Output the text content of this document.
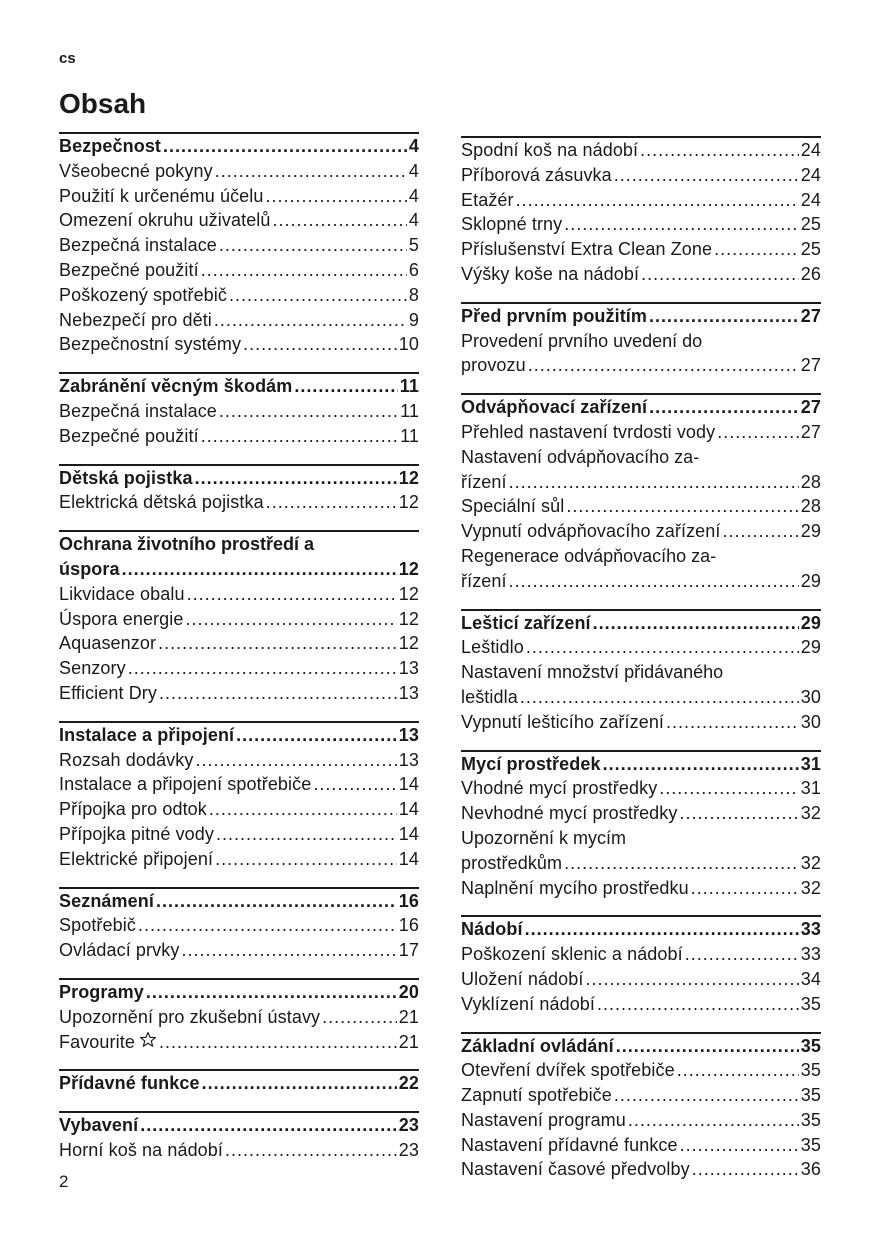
cs
Obsah
Bezpečnost .....	4
Všeobecné pokyny .....	4
Použití k určenému účelu .....	4
Omezení okruhu uživatelů .....	4
Bezpečná instalace .....	5
Bezpečné použití .....	6
Poškozený spotřebič .....	8
Nebezpečí pro děti .....	9
Bezpečnostní systémy .....	10
Zabránění věcným škodám .....	11
Bezpečná instalace .....	11
Bezpečné použití .....	11
Dětská pojistka .....	12
Elektrická dětská pojistka .....	12
Ochrana životního prostředí a
úspora .....	12
Likvidace obalu .....	12
Úspora energie .....	12
Aquasenzor .....	12
Senzory .....	13
Efficient Dry .....	13
Instalace a připojení .....	13
Rozsah dodávky .....	13
Instalace a připojení spotřebiče .....	14
Přípojka pro odtok .....	14
Přípojka pitné vody .....	14
Elektrické připojení .....	14
Seznámení .....	16
Spotřebič .....	16
Ovládací prvky .....	17
Programy .....	20
Upozornění pro zkušební ústavy .....	21
Favourite .....	21
Přídavné funkce .....	22
Vybavení .....	23
Horní koš na nádobí .....	23
Spodní koš na nádobí .....	24
Příborová zásuvka .....	24
Etažér .....	24
Sklopné trny .....	25
Příslušenství Extra Clean Zone .....	25
Výšky koše na nádobí .....	26
Před prvním použitím .....	27
Provedení prvního uvedení do
provozu .....	27
Odvápňovací zařízení .....	27
Přehled nastavení tvrdosti vody .....	27
Nastavení odvápňovacího za-
řízení .....	28
Speciální sůl .....	28
Vypnutí odvápňovacího zařízení .....	29
Regenerace odvápňovacího za-
řízení .....	29
Lešticí zařízení .....	29
Leštidlo .....	29
Nastavení množství přidávaného
leštidla .....	30
Vypnutí lešticího zařízení .....	30
Mycí prostředek .....	31
Vhodné mycí prostředky .....	31
Nevhodné mycí prostředky .....	32
Upozornění k mycím
prostředkům .....	32
Naplnění mycího prostředku .....	32
Nádobí .....	33
Poškození sklenic a nádobí .....	33
Uložení nádobí .....	34
Vyklízení nádobí .....	35
Základní ovládání .....	35
Otevření dvířek spotřebiče .....	35
Zapnutí spotřebiče .....	35
Nastavení programu .....	35
Nastavení přídavné funkce .....	35
Nastavení časové předvolby .....	36
2
